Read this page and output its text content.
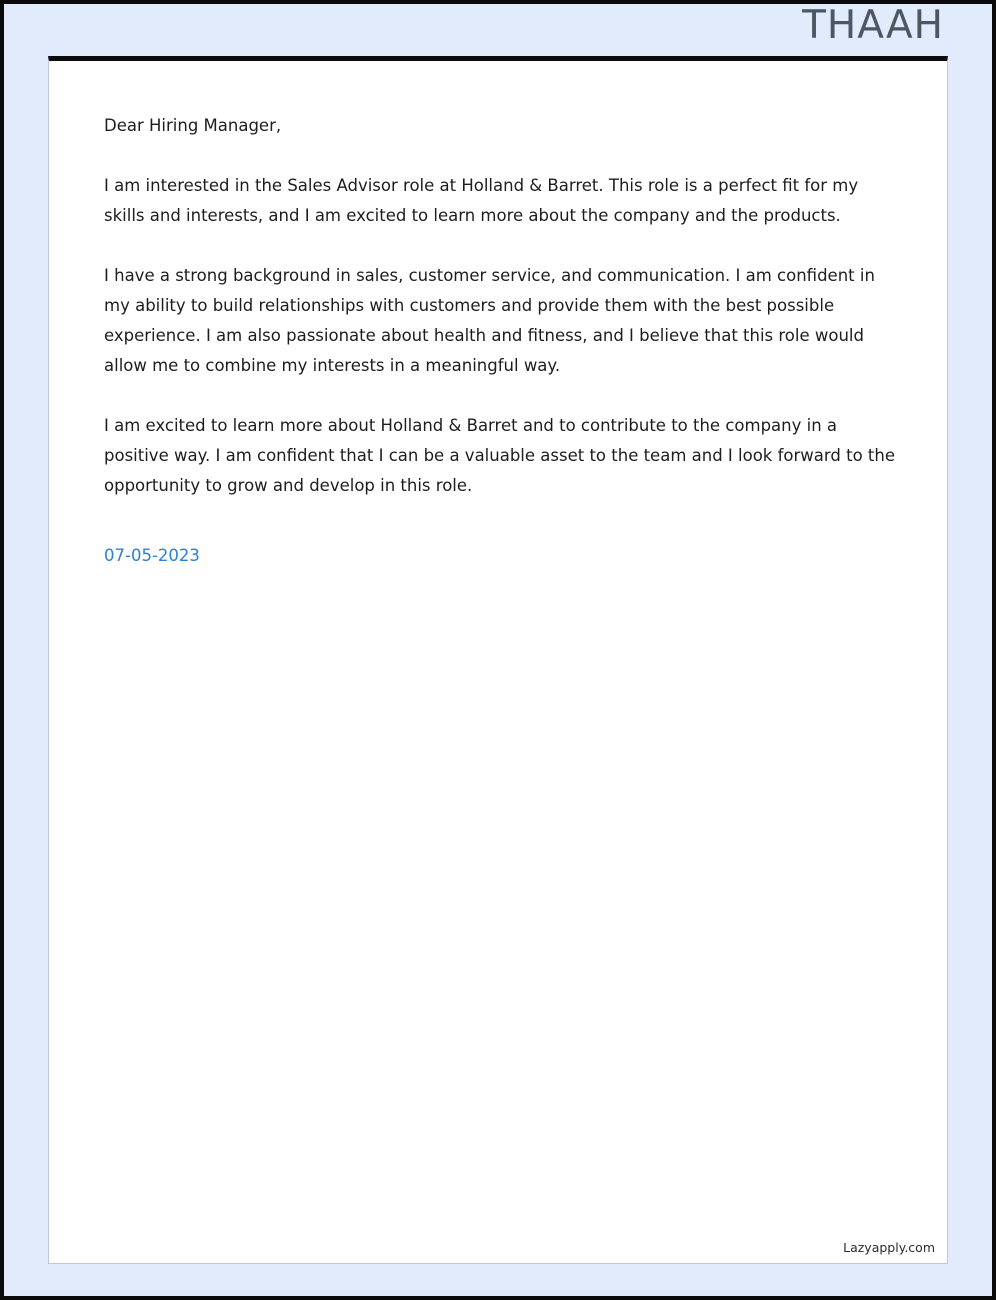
THAAH

Dear Hiring Manager,

I am interested in the Sales Advisor role at Holland & Barret. This role is a perfect fit for my skills and interests, and I am excited to learn more about the company and the products.

I have a strong background in sales, customer service, and communication. I am confident in my ability to build relationships with customers and provide them with the best possible experience. I am also passionate about health and fitness, and I believe that this role would allow me to combine my interests in a meaningful way.

I am excited to learn more about Holland & Barret and to contribute to the company in a positive way. I am confident that I can be a valuable asset to the team and I look forward to the opportunity to grow and develop in this role.

07-05-2023
Lazyapply.com
